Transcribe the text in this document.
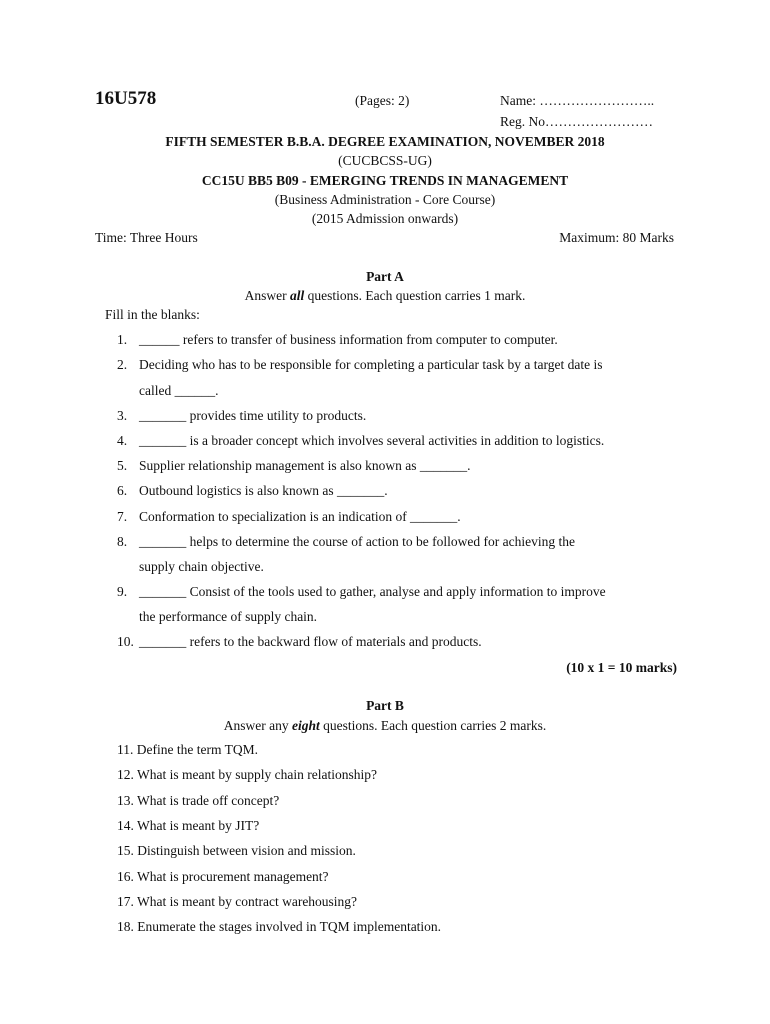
16U578	(Pages: 2)	Name: ……………………..
Reg. No……………………
FIFTH SEMESTER B.B.A. DEGREE EXAMINATION, NOVEMBER 2018
(CUCBCSS-UG)
CC15U BB5 B09 - EMERGING TRENDS IN MANAGEMENT
(Business Administration - Core Course)
(2015 Admission onwards)
Time: Three Hours	Maximum: 80 Marks
Part A
Answer all questions. Each question carries 1 mark.
Fill in the blanks:
1. ______ refers to transfer of business information from computer to computer.
2. Deciding who has to be responsible for completing a particular task by a target date is
called ______.
3. _______ provides time utility to products.
4. _______ is a broader concept which involves several activities in addition to logistics.
5. Supplier relationship management is also known as _______.
6. Outbound logistics is also known as _______.
7. Conformation to specialization is an indication of _______.
8. _______ helps to determine the course of action to be followed for achieving the
supply chain objective.
9. _______ Consist of the tools used to gather, analyse and apply information to improve
the performance of supply chain.
10. _______ refers to the backward flow of materials and products.
(10 x 1 = 10 marks)
Part B
Answer any eight questions. Each question carries 2 marks.
11. Define the term TQM.
12. What is meant by supply chain relationship?
13. What is trade off concept?
14. What is meant by JIT?
15. Distinguish between vision and mission.
16. What is procurement management?
17. What is meant by contract warehousing?
18. Enumerate the stages involved in TQM implementation.
